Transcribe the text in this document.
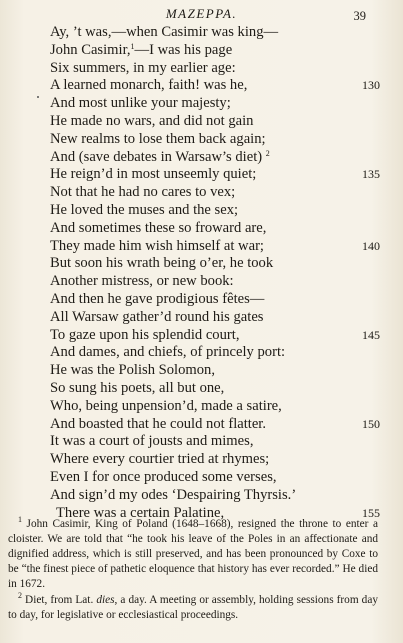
MAZEPPA.	39
Ay, ’t was,—when Casimir was king—
John Casimir,$^1$—I was his page
Six summers, in my earlier age:
A learned monarch, faith! was he,	130
And most unlike your majesty;
He made no wars, and did not gain
New realms to lose them back again;
And (save debates in Warsaw’s diet) $^2$
He reign’d in most unseemly quiet;	135
Not that he had no cares to vex;
He loved the muses and the sex;
And sometimes these so froward are,
They made him wish himself at war;	140
But soon his wrath being o’er, he took
Another mistress, or new book:
And then he gave prodigious fêtes—
All Warsaw gather’d round his gates
To gaze upon his splendid court,	145
And dames, and chiefs, of princely port:
He was the Polish Solomon,
So sung his poets, all but one,
Who, being unpension’d, made a satire,
And boasted that he could not flatter.	150
It was a court of jousts and mimes,
Where every courtier tried at rhymes;
Even I for once produced some verses,
And sign’d my odes ‘Despairing Thyrsis.’
There was a certain Palatine,	155

$^1$ John Casimir, King of Poland (1648–1668), resigned the throne to enter a cloister. We are told that “he took his leave of the Poles in an affectionate and dignified address, which is still preserved, and has been pronounced by Coxe to be “the finest piece of pathetic eloquence that history has ever recorded.” He died in 1672.

$^2$ Diet, from Lat. dies, a day. A meeting or assembly, holding sessions from day to day, for legislative or ecclesiastical proceedings.
